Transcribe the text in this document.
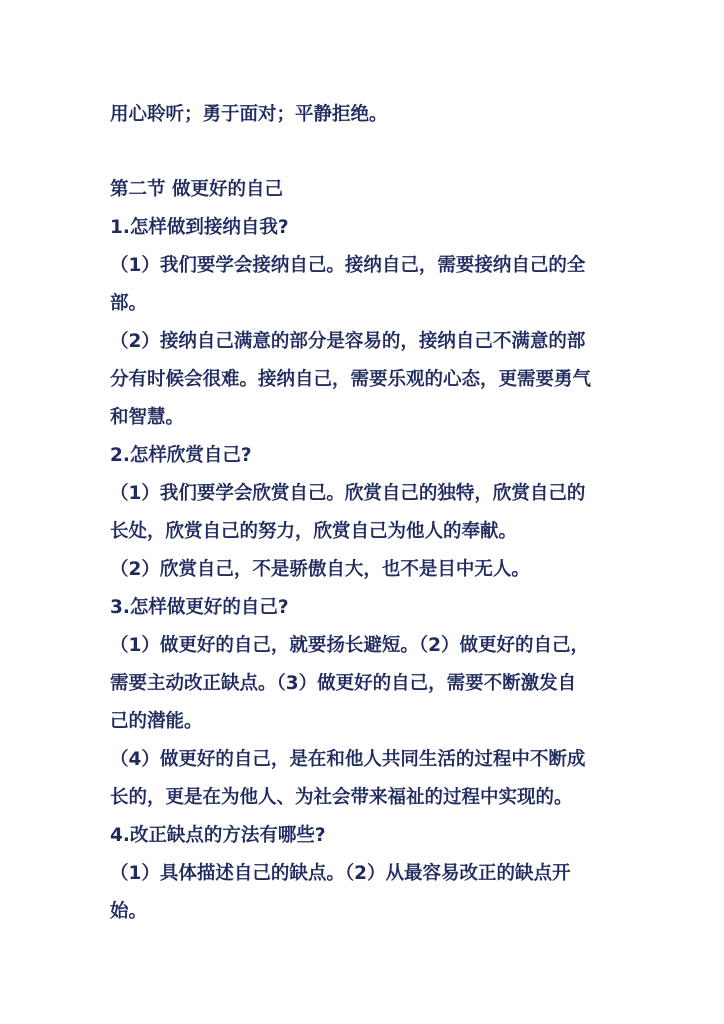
用心聆听；勇于面对；平静拒绝。
第二节 做更好的自己
1.怎样做到接纳自我?
（1）我们要学会接纳自己。接纳自己，需要接纳自己的全
部。
（2）接纳自己满意的部分是容易的，接纳自己不满意的部
分有时候会很难。接纳自己，需要乐观的心态，更需要勇气
和智慧。
2.怎样欣赏自己?
（1）我们要学会欣赏自己。欣赏自己的独特，欣赏自己的
长处，欣赏自己的努力，欣赏自己为他人的奉献。
（2）欣赏自己，不是骄傲自大，也不是目中无人。
3.怎样做更好的自己?
（1）做更好的自己，就要扬长避短。（2）做更好的自己，
需要主动改正缺点。（3）做更好的自己，需要不断激发自
己的潜能。
（4）做更好的自己，是在和他人共同生活的过程中不断成
长的，更是在为他人、为社会带来福祉的过程中实现的。
4.改正缺点的方法有哪些?
（1）具体描述自己的缺点。（2）从最容易改正的缺点开
始。
